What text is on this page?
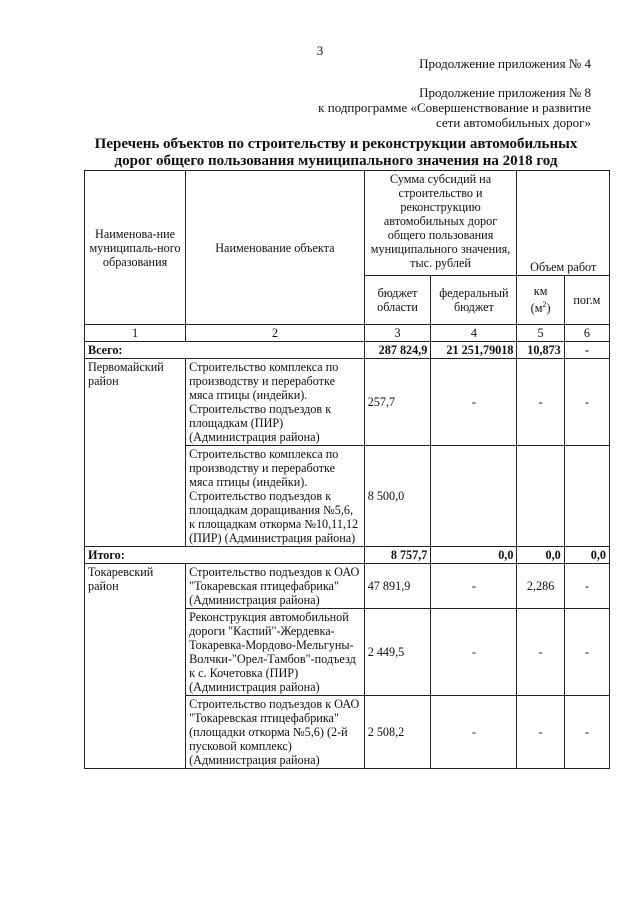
3
Продолжение приложения № 4
Продолжение приложения № 8
к подпрограмме «Совершенствование и развитие
сети автомобильных дорог»
Перечень объектов по строительству и реконструкции автомобильных
дорог общего пользования муниципального значения на 2018 год
Наименова-ние муниципаль-ного образования	Наименование объекта	Сумма субсидий на строительство и реконструкцию автомобильных дорог общего пользования муниципального значения, тыс. рублей		Объем работ	
		бюджет области	федеральный бюджет	км
$(м^2)$	пог.м
1	2	3	4	5	6
Всего:		287 824,9	21 251,79018	10,873	-
Первомайский район	Строительство комплекса по производству и переработке мяса птицы (индейки). Строительство подъездов к площадкам (ПИР) (Администрация района)	257,7	-	-	-
	Строительство комплекса по производству и переработке мяса птицы (индейки). Строительство подъездов к площадкам доращивания №5,6, к площадкам откорма №10,11,12 (ПИР) (Администрация района)	8 500,0			
Итого:		8 757,7	0,0	0,0	0,0
Токаревский район	Строительство подъездов к ОАО "Токаревская птицефабрика" (Администрация района)	47 891,9	-	2,286	-
	Реконструкция автомобильной дороги "Каспий"-Жердевка-Токаревка-Мордово-Мельгуны-Волчки-"Орел-Тамбов"-подъезд к с. Кочетовка (ПИР) (Администрация района)	2 449,5	-	-	-
	Строительство подъездов к ОАО "Токаревская птицефабрика" (площадки откорма №5,6) (2-й пусковой комплекс) (Администрация района)	2 508,2	-	-	-
